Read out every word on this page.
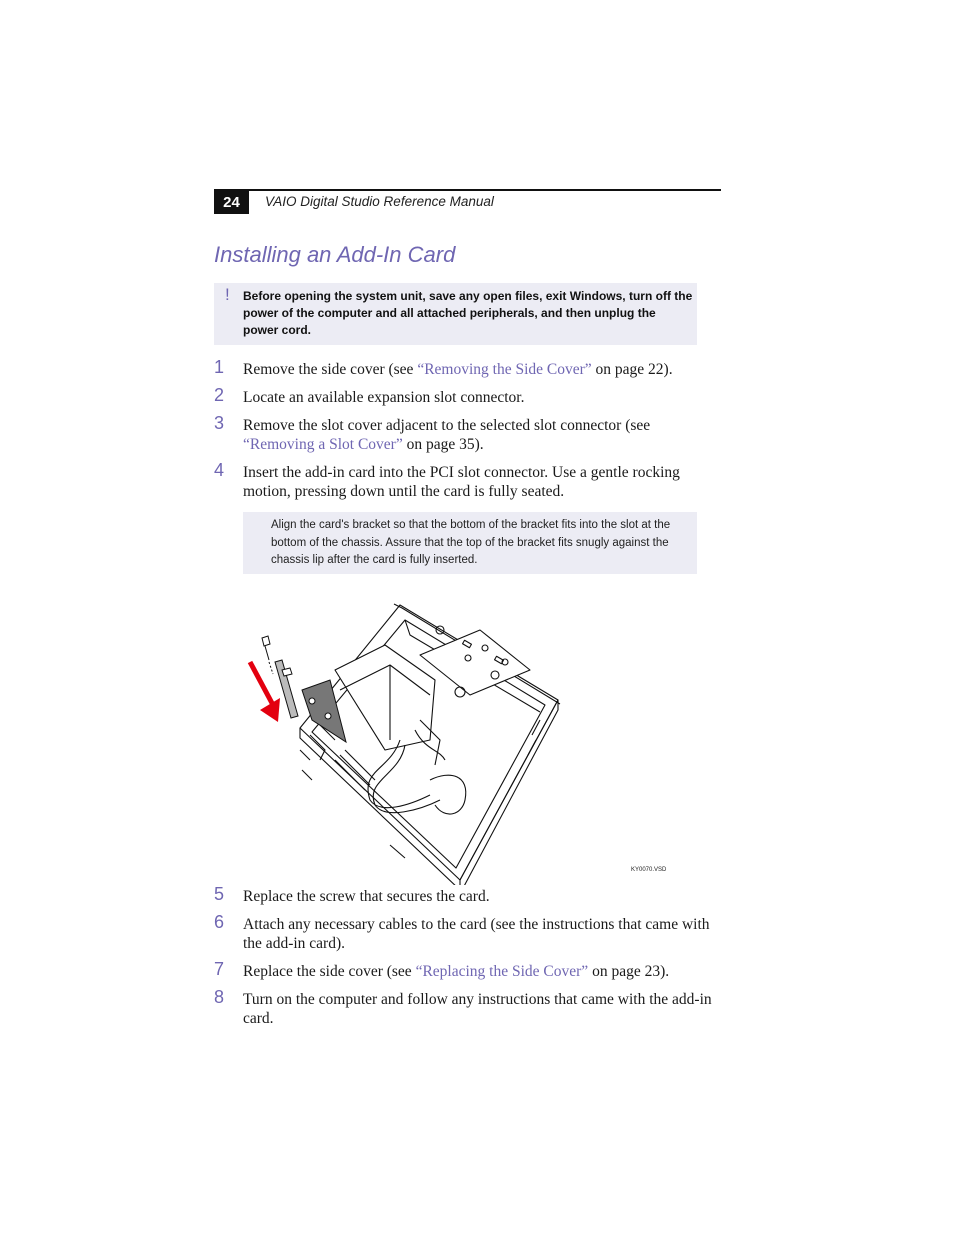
24	VAIO Digital Studio Reference Manual
Installing an Add-In Card
! Before opening the system unit, save any open files, exit Windows, turn off the power of the computer and all attached peripherals, and then unplug the power cord.
1 Remove the side cover (see “Removing the Side Cover” on page 22).
2 Locate an available expansion slot connector.
3 Remove the slot cover adjacent to the selected slot connector (see “Removing a Slot Cover” on page 35).
4 Insert the add-in card into the PCI slot connector. Use a gentle rocking motion, pressing down until the card is fully seated.
Align the card's bracket so that the bottom of the bracket fits into the slot at the bottom of the chassis. Assure that the top of the bracket fits snugly against the chassis lip after the card is fully inserted.
KY0070.VSD
5 Replace the screw that secures the card.
6 Attach any necessary cables to the card (see the instructions that came with the add-in card).
7 Replace the side cover (see “Replacing the Side Cover” on page 23).
8 Turn on the computer and follow any instructions that came with the add-in card.
